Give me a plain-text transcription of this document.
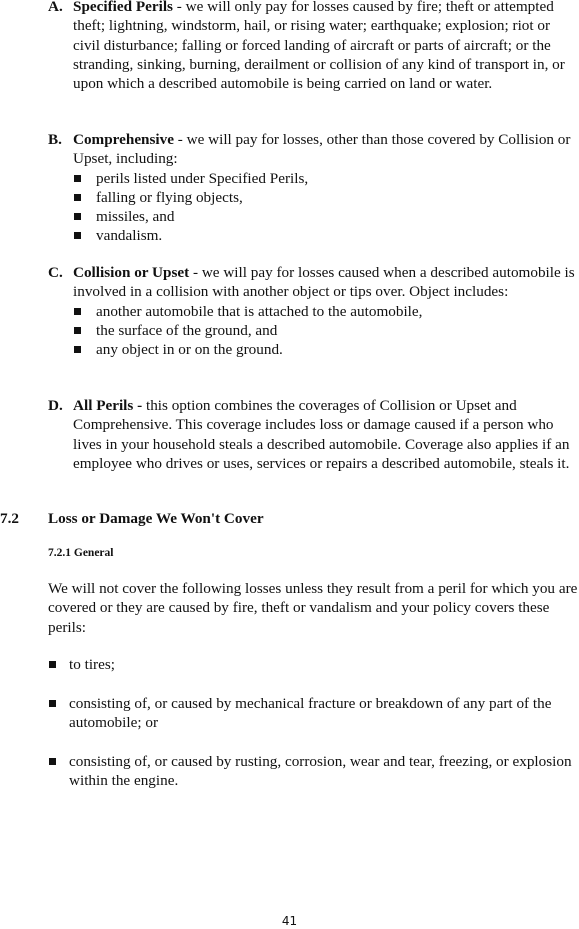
A. Specified Perils - we will only pay for losses caused by fire; theft or attempted theft; lightning, windstorm, hail, or rising water; earthquake; explosion; riot or civil disturbance; falling or forced landing of aircraft or parts of aircraft; or the stranding, sinking, burning, derailment or collision of any kind of transport in, or upon which a described automobile is being carried on land or water.
B. Comprehensive - we will pay for losses, other than those covered by Collision or Upset, including:
perils listed under Specified Perils,
falling or flying objects,
missiles, and
vandalism.
C. Collision or Upset - we will pay for losses caused when a described automobile is involved in a collision with another object or tips over. Object includes:
another automobile that is attached to the automobile,
the surface of the ground, and
any object in or on the ground.
D. All Perils - this option combines the coverages of Collision or Upset and Comprehensive. This coverage includes loss or damage caused if a person who lives in your household steals a described automobile. Coverage also applies if an employee who drives or uses, services or repairs a described automobile, steals it.
7.2 Loss or Damage We Won't Cover
7.2.1 General
We will not cover the following losses unless they result from a peril for which you are covered or they are caused by fire, theft or vandalism and your policy covers these perils:
to tires;
consisting of, or caused by mechanical fracture or breakdown of any part of the automobile; or
consisting of, or caused by rusting, corrosion, wear and tear, freezing, or explosion within the engine.
41
